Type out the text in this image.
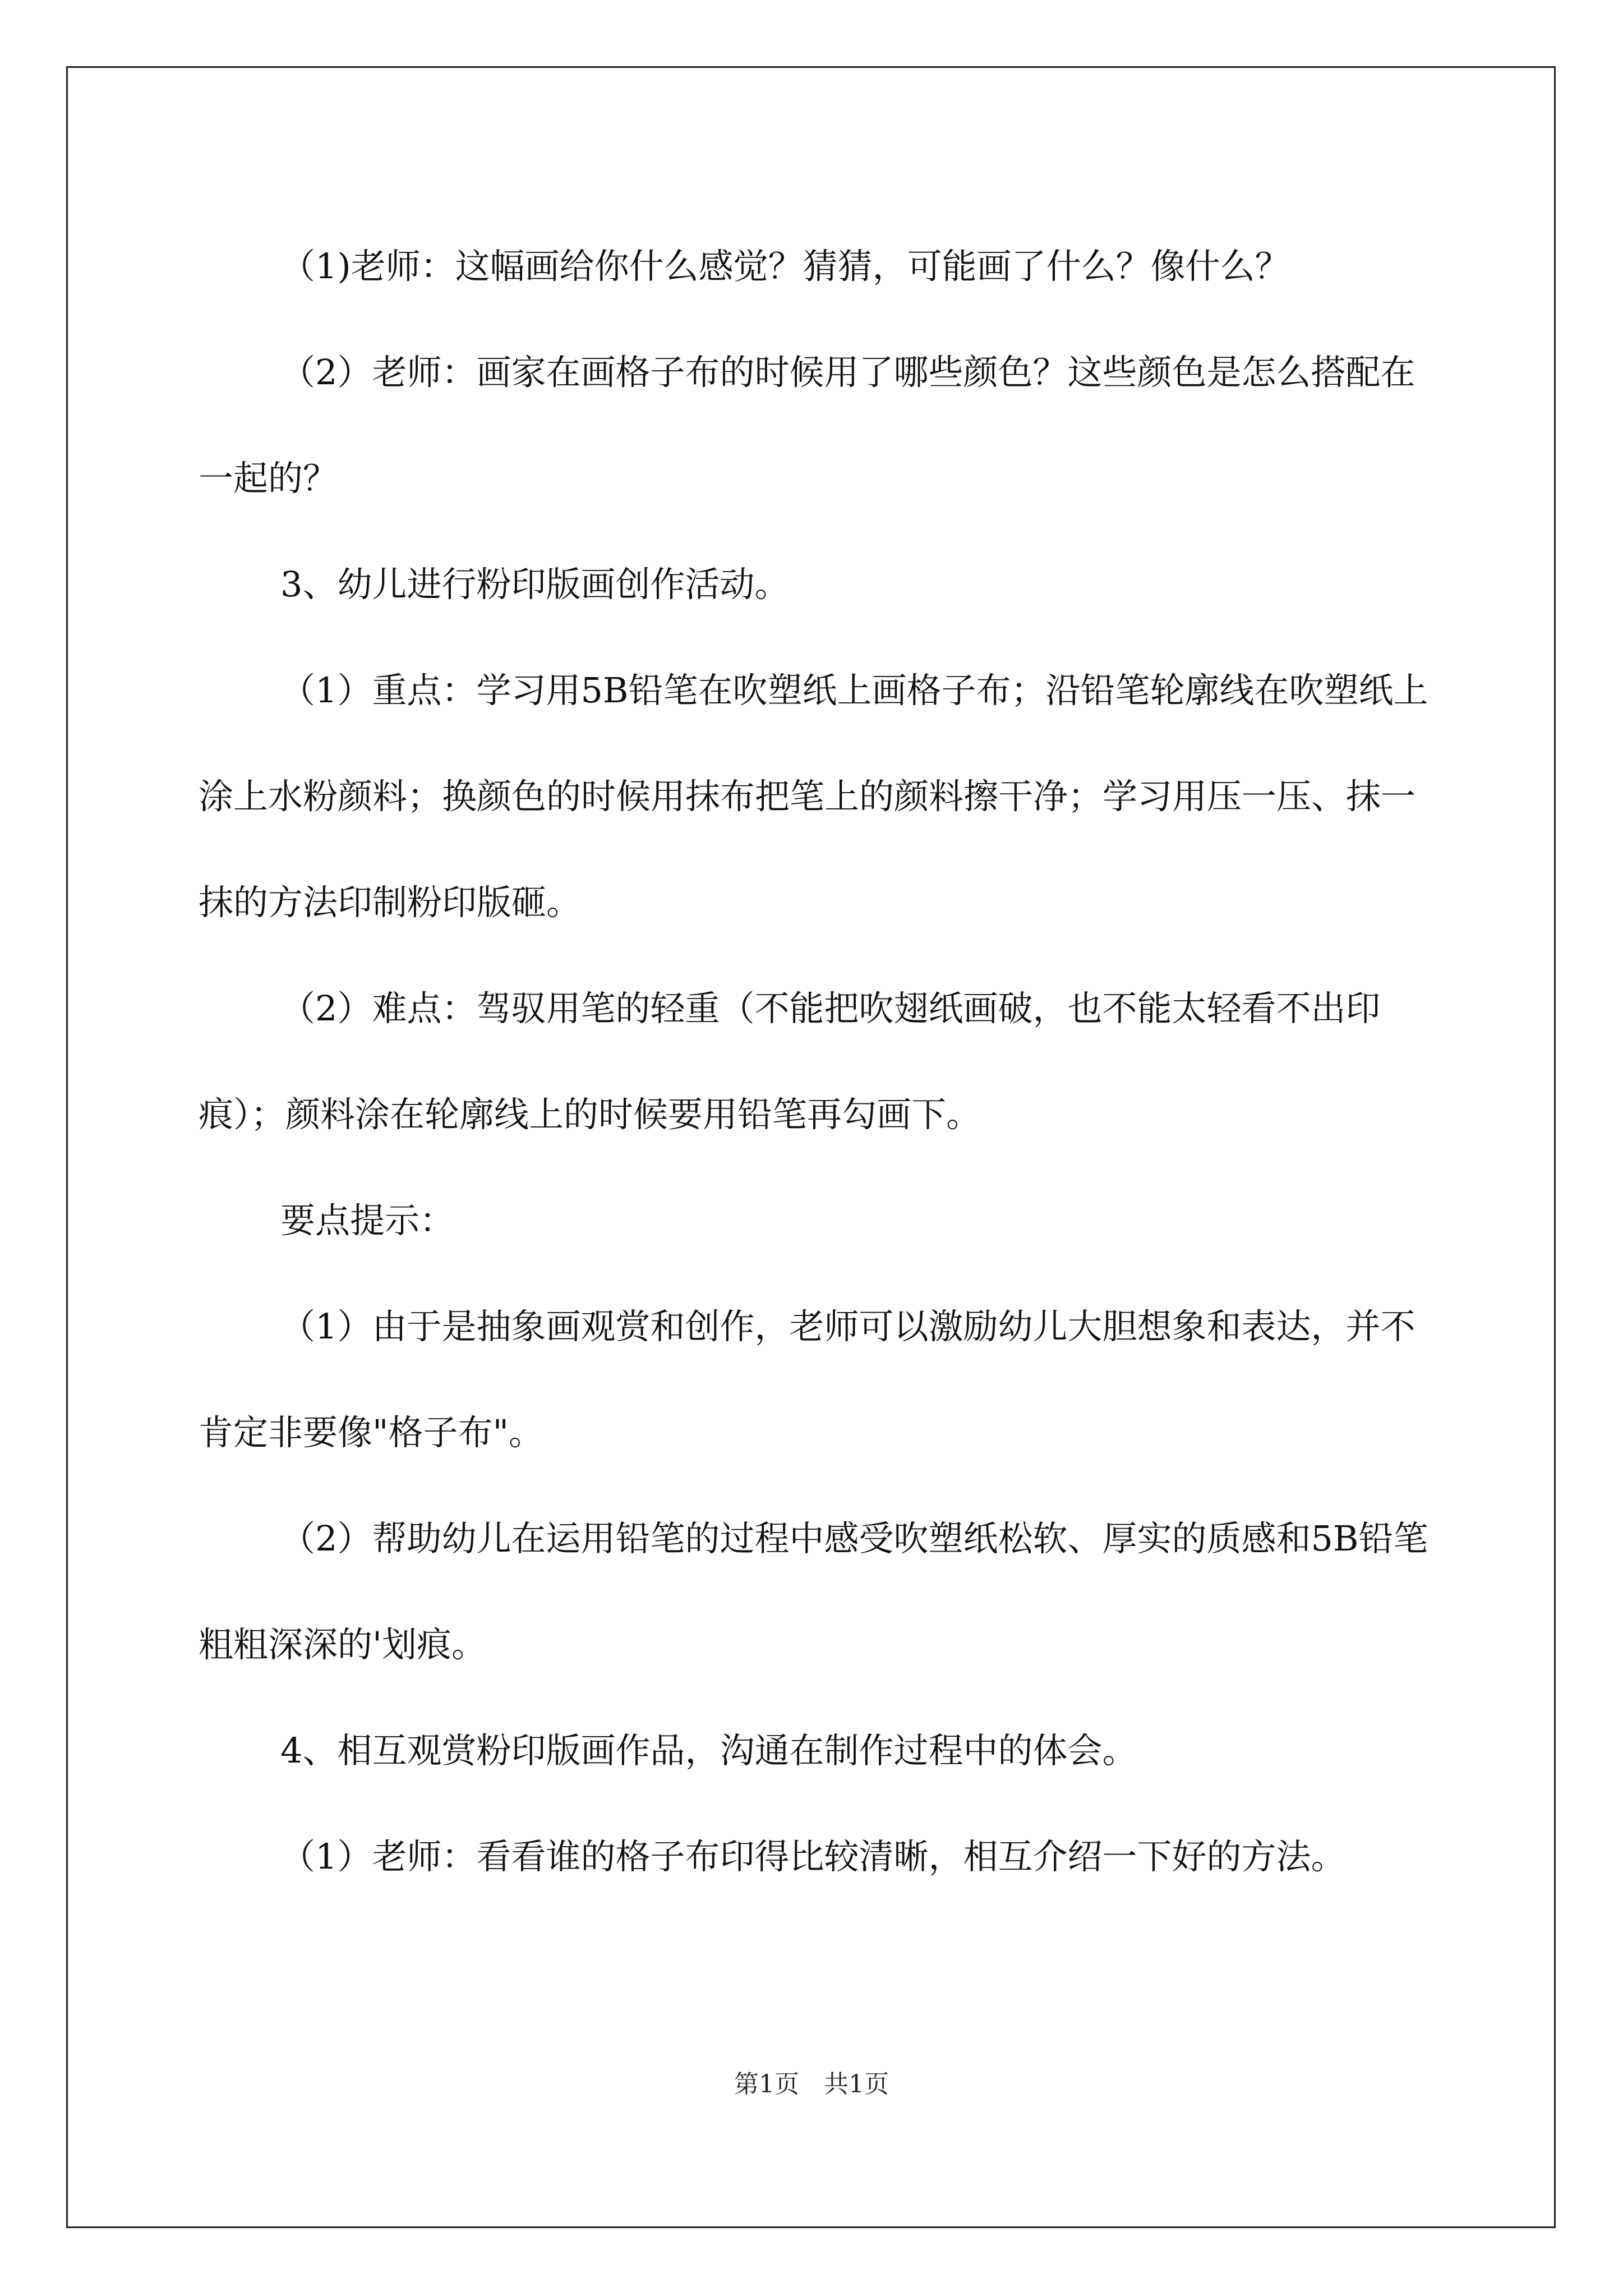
（1)老师：这幅画给你什么感觉？猜猜，可能画了什么？像什么？

（2）老师：画家在画格子布的时候用了哪些颜色？这些颜色是怎么搭配在一起的？

3、幼儿进行粉印版画创作活动。

（1）重点：学习用5B铅笔在吹塑纸上画格子布；沿铅笔轮廓线在吹塑纸上涂上水粉颜料；换颜色的时候用抹布把笔上的颜料擦干净；学习用压一压、抹一抹的方法印制粉印版砸。

（2）难点：驾驭用笔的轻重（不能把吹翅纸画破，也不能太轻看不出印痕）；颜料涂在轮廓线上的时候要用铅笔再勾画下。

要点提示：

（1）由于是抽象画观赏和创作，老师可以激励幼儿大胆想象和表达，并不肯定非要像"格子布"。

（2）帮助幼儿在运用铅笔的过程中感受吹塑纸松软、厚实的质感和5B铅笔粗粗深深的'划痕。

4、相互观赏粉印版画作品，沟通在制作过程中的体会。

（1）老师：看看谁的格子布印得比较清晰，相互介绍一下好的方法。

第1页　共1页
